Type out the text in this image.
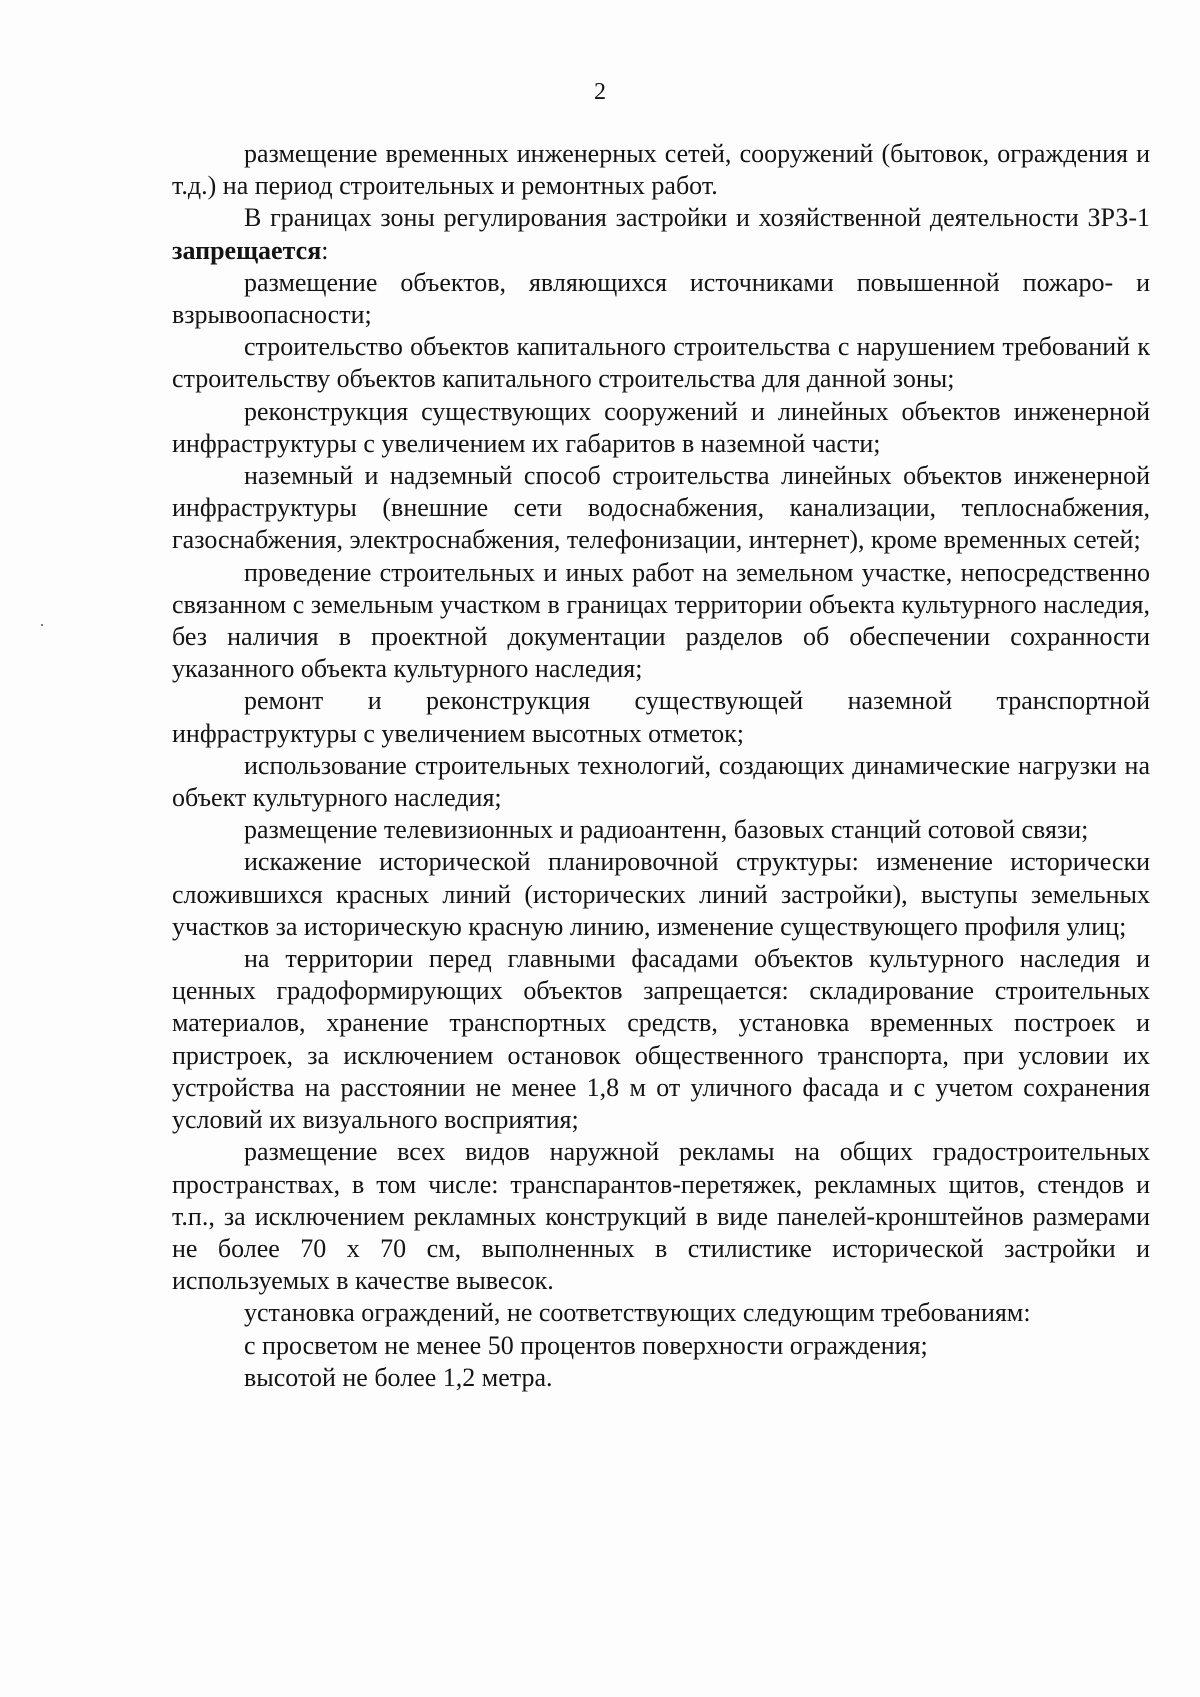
2

размещение временных инженерных сетей, сооружений (бытовок, ограждения и т.д.) на период строительных и ремонтных работ.

В границах зоны регулирования застройки и хозяйственной деятельности ЗРЗ-1 запрещается:

размещение объектов, являющихся источниками повышенной пожаро- и взрывоопасности;

строительство объектов капитального строительства с нарушением требований к строительству объектов капитального строительства для данной зоны;

реконструкция существующих сооружений и линейных объектов инженерной инфраструктуры с увеличением их габаритов в наземной части;

наземный и надземный способ строительства линейных объектов инженерной инфраструктуры (внешние сети водоснабжения, канализации, теплоснабжения, газоснабжения, электроснабжения, телефонизации, интернет), кроме временных сетей;

проведение строительных и иных работ на земельном участке, непосредственно связанном с земельным участком в границах территории объекта культурного наследия, без наличия в проектной документации разделов об обеспечении сохранности указанного объекта культурного наследия;

ремонт и реконструкция существующей наземной транспортной инфраструктуры с увеличением высотных отметок;

использование строительных технологий, создающих динамические нагрузки на объект культурного наследия;

размещение телевизионных и радиоантенн, базовых станций сотовой связи;

искажение исторической планировочной структуры: изменение исторически сложившихся красных линий (исторических линий застройки), выступы земельных участков за историческую красную линию, изменение существующего профиля улиц;

на территории перед главными фасадами объектов культурного наследия и ценных градоформирующих объектов запрещается: складирование строительных материалов, хранение транспортных средств, установка временных построек и пристроек, за исключением остановок общественного транспорта, при условии их устройства на расстоянии не менее 1,8 м от уличного фасада и с учетом сохранения условий их визуального восприятия;

размещение всех видов наружной рекламы на общих градостроительных пространствах, в том числе: транспарантов-перетяжек, рекламных щитов, стендов и т.п., за исключением рекламных конструкций в виде панелей-кронштейнов размерами не более 70 х 70 см, выполненных в стилистике исторической застройки и используемых в качестве вывесок.

установка ограждений, не соответствующих следующим требованиям:

с просветом не менее 50 процентов поверхности ограждения;

высотой не более 1,2 метра.
